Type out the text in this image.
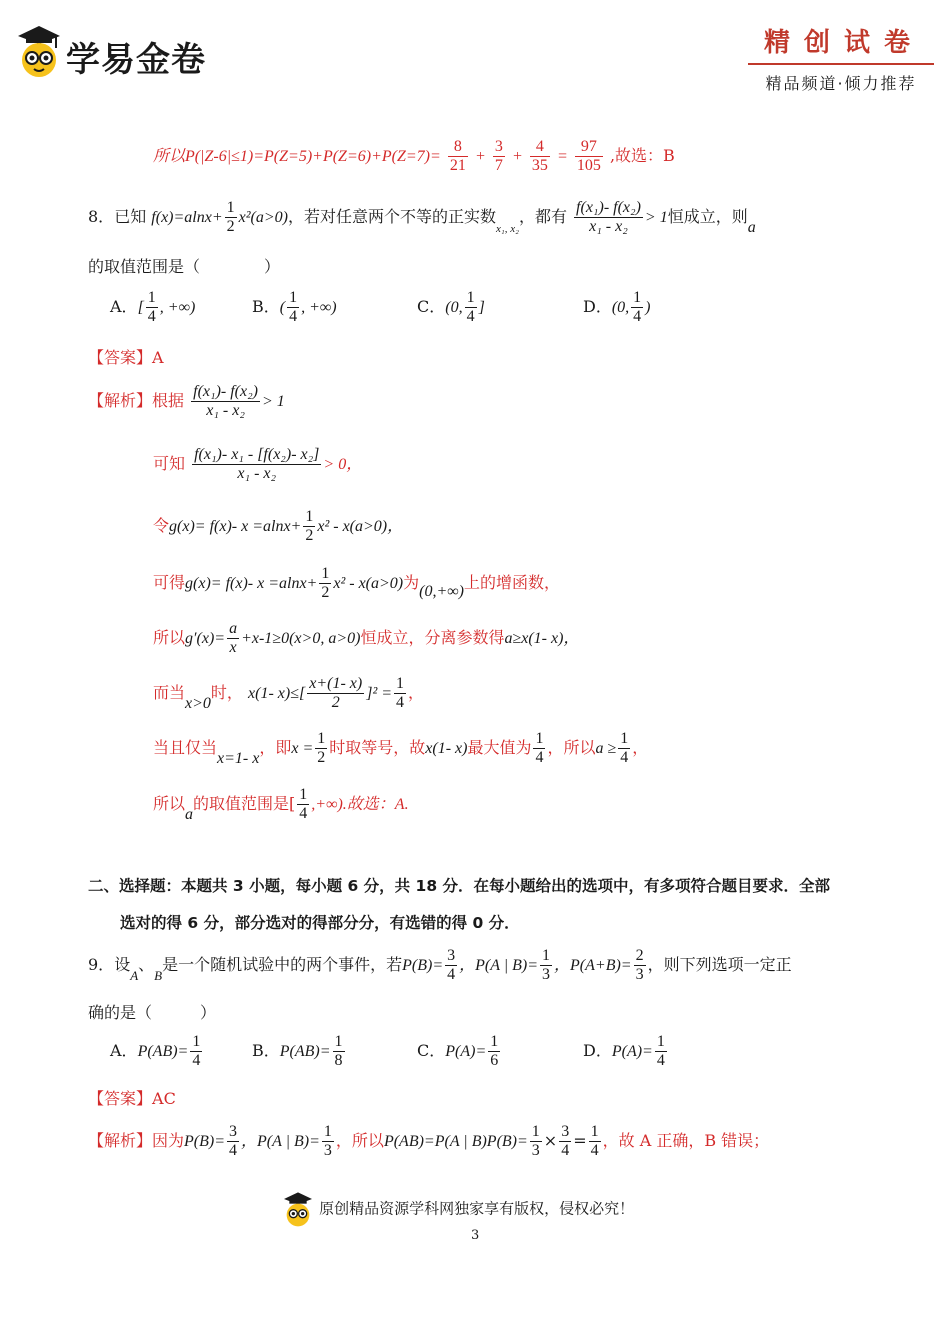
学易金卷	精创试卷
精品频道·倾力推荐
所以$P(|Z-6|\le 1)=P(Z=5)+P(Z=6)+P(Z=7)= \frac{8}{21} + \frac{3}{7} + \frac{4}{35} = \frac{97}{105}$ ,故选：B
8．已知 $f(x)=alnx+ \frac{1}{2} x^2(a>0)$，若对任意两个不等的正实数$_{x_1, x_2}$，都有 $\frac{\text{f(x₁)- f(x₂)}}{\text{x₁ - x₂}} > 1$恒成立，则a
的取值范围是（　　　　）
A．[ $\frac{1}{4}$ , +∞)	B．( $\frac{1}{4}$ , +∞)	C．(0, $\frac{1}{4}$ ]	D．(0, $\frac{1}{4}$ )
【答案】A
【解析】根据 $\frac{\text{f(x₁)- f(x₂)}}{\text{x₁ - x₂}} > 1$
可知 $\frac{\text{f(x₁)- x₁ - [f(x₂)- x₂]}}{\text{x₁ - x₂}} > 0$，
令g(x)= f(x)- $x =alnx+ \frac{1}{2} x^2 - x(a>0)$，
可得g(x)= f(x)- $x =alnx+ \frac{1}{2} x^2 - x(a>0)$为(0,+∞)上的增函数，
所以$g'(x)= \frac{a}{x} +x-1\ge 0(x>0$, a>0)恒成立，分离参数得a≥x(1- x)，
而当x>0时， x(1- $x)\le[ \frac{x+(1- x)}{2} ]^2 = \frac{1}{4}$ ，
当且仅当x=1- x，即$x = \frac{1}{2}$ 时取等号，故x(1- x)最大值为 $\frac{1}{4}$ ，所以$a \ge \frac{1}{4}$ ，
所以a的取值范围是[ $\frac{1}{4}$ ,+∞).故选：A.
二、选择题：本题共 3 小题，每小题 6 分，共 18 分．在每小题给出的选项中，有多项符合题目要求．全部
选对的得 6 分，部分选对的得部分分，有选错的得 0 分．
9．设$_A$、$_B$是一个随机试验中的两个事件，若$P(B)= \frac{3}{4}$ ，P(A | $B)= \frac{1}{3}$ ，$P(A+B)= \frac{2}{3}$ ，则下列选项一定正
确的是（　　　）
A．$P(AB)= \frac{1}{4}$	B．$P(AB)= \frac{1}{8}$	C．$P(A)= \frac{1}{6}$	D．$P(A)= \frac{1}{4}$
【答案】AC
【解析】因为$P(B)= \frac{3}{4}$ ，P(A | $B)= \frac{1}{3}$ ，所以P(AB)=P(A | $B)P(B)= \frac{1}{3} \times \frac{3}{4} = \frac{1}{4}$ ，故 A 正确，B 错误；
原创精品资源学科网独家享有版权，侵权必究！
3
